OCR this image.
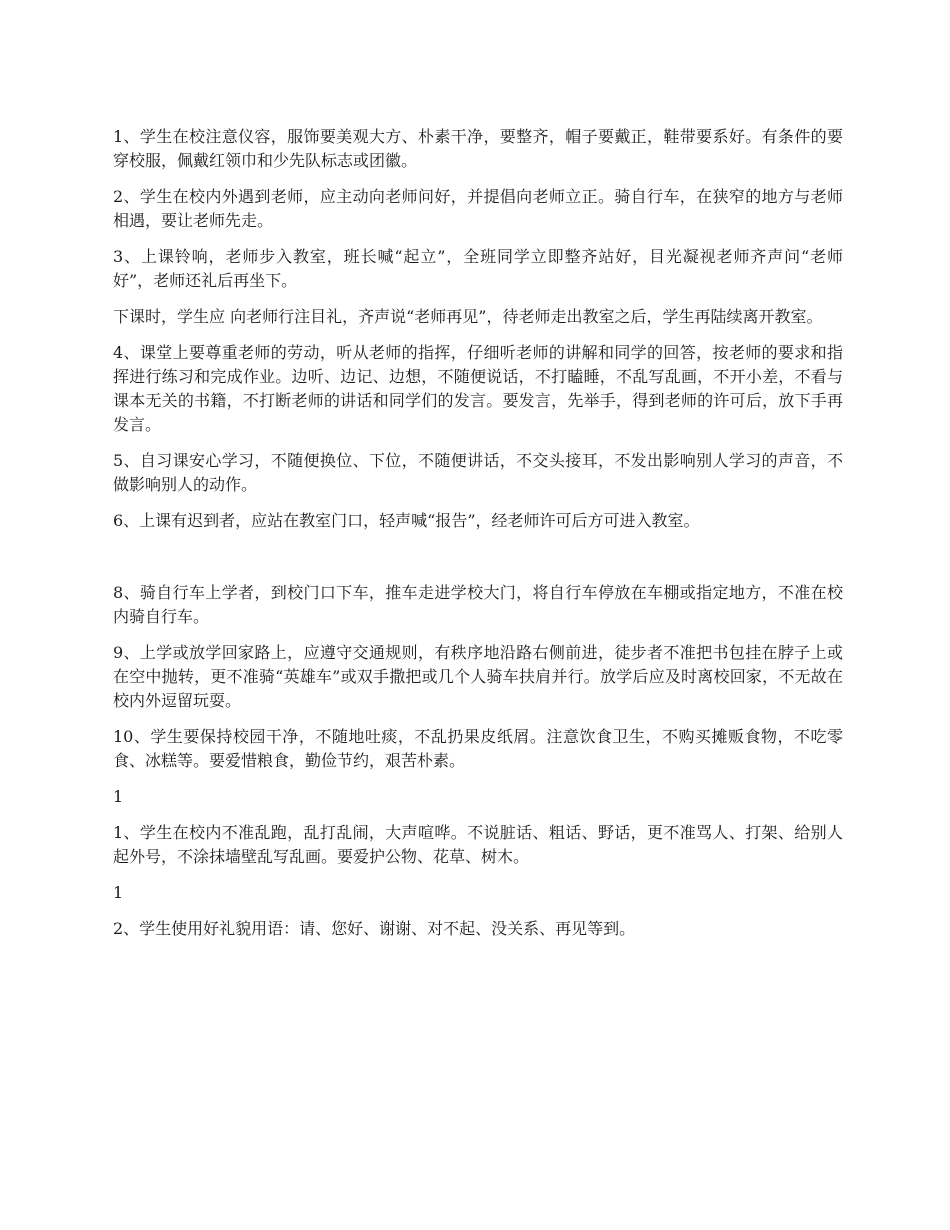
1、学生在校注意仪容，服饰要美观大方、朴素干净，要整齐，帽子要戴正，鞋带要系好。有条件的要穿校服，佩戴红领巾和少先队标志或团徽。

2、学生在校内外遇到老师，应主动向老师问好，并提倡向老师立正。骑自行车，在狭窄的地方与老师相遇，要让老师先走。

3、上课铃响，老师步入教室，班长喊“起立”，全班同学立即整齐站好，目光凝视老师齐声问“老师好”，老师还礼后再坐下。

下课时，学生应 向老师行注目礼，齐声说“老师再见”，待老师走出教室之后，学生再陆续离开教室。

4、课堂上要尊重老师的劳动，听从老师的指挥，仔细听老师的讲解和同学的回答，按老师的要求和指挥进行练习和完成作业。边听、边记、边想，不随便说话，不打瞌睡，不乱写乱画，不开小差，不看与课本无关的书籍，不打断老师的讲话和同学们的发言。要发言，先举手，得到老师的许可后，放下手再发言。

5、自习课安心学习，不随便换位、下位，不随便讲话，不交头接耳，不发出影响别人学习的声音，不做影响别人的动作。

6、上课有迟到者，应站在教室门口，轻声喊“报告”，经老师许可后方可进入教室。

8、骑自行车上学者，到校门口下车，推车走进学校大门，将自行车停放在车棚或指定地方，不准在校内骑自行车。

9、上学或放学回家路上，应遵守交通规则，有秩序地沿路右侧前进，徒步者不准把书包挂在脖子上或在空中抛转，更不准骑“英雄车”或双手撒把或几个人骑车扶肩并行。放学后应及时离校回家，不无故在校内外逗留玩耍。

10、学生要保持校园干净，不随地吐痰，不乱扔果皮纸屑。注意饮食卫生，不购买摊贩食物，不吃零食、冰糕等。要爱惜粮食，勤俭节约，艰苦朴素。

1

1、学生在校内不准乱跑，乱打乱闹，大声喧哗。不说脏话、粗话、野话，更不准骂人、打架、给别人起外号，不涂抹墙壁乱写乱画。要爱护公物、花草、树木。

1

2、学生使用好礼貌用语：请、您好、谢谢、对不起、没关系、再见等到。
